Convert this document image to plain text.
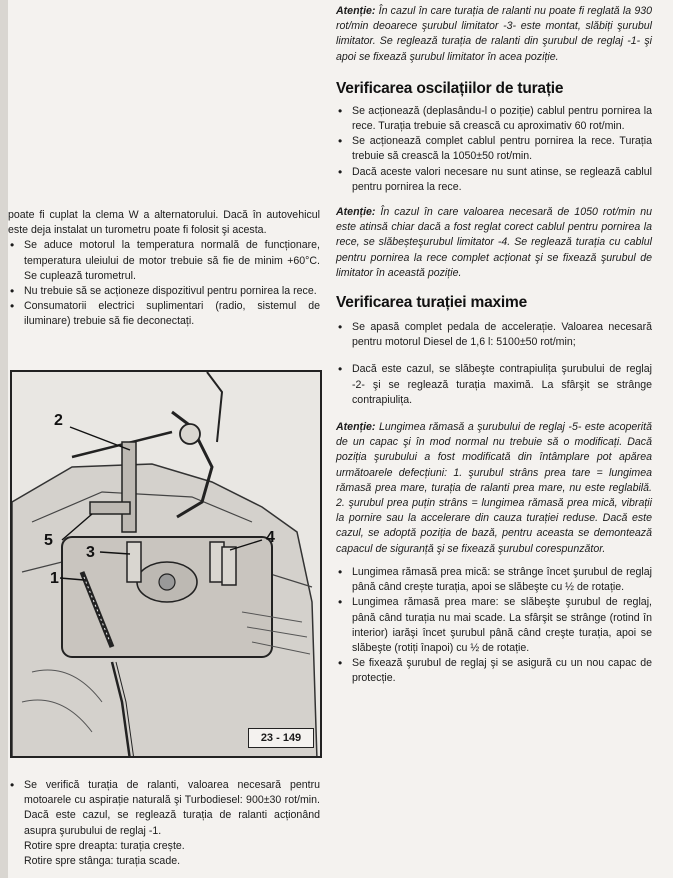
Atenție: În cazul în care turația de ralanti nu poate fi reglată la 930 rot/min deoarece şurubul limitator -3- este montat, slăbiți şurubul limitator. Se reglează turația de ralanti din şurubul de reglaj -1- şi apoi se fixează şurubul limitator în acea poziție.

Verificarea oscilațiilor de turație
• Se acționează (deplasându-l o poziție) cablul pentru pornirea la rece. Turația trebuie să crească cu aproximativ 60 rot/min.
• Se acționează complet cablul pentru pornirea la rece. Turația trebuie să crească la 1050±50 rot/min.
• Dacă aceste valori necesare nu sunt atinse, se reglează cablul pentru pornirea la rece.

Atenție: În cazul în care valoarea necesară de 1050 rot/min nu este atinsă chiar dacă a fost reglat corect cablul pentru pornirea la rece, se slăbeșteşurubul limitator -4. Se reglează turația cu cablul pentru pornirea la rece complet acționat şi se fixează şurubul de limitator în această poziție.

Verificarea turației maxime
• Se apasă complet pedala de accelerație. Valoarea necesară pentru motorul Diesel de 1,6 l: 5100±50 rot/min;
• Dacă este cazul, se slăbeşte contrapiulița şurubului de reglaj -2- şi se reglează turația maximă. La sfârşit se strânge contrapiulița.

Atenție: Lungimea rămasă a şurubului de reglaj -5- este acoperită de un capac şi în mod normal nu trebuie să o modificați. Dacă poziția şurubului a fost modificată din întâmplare pot apărea următoarele defecțiuni: 1. şurubul strâns prea tare = lungimea rămasă prea mare, turația de ralanti prea mare, nu este reglabilă. 2. şurubul prea puțin strâns = lungimea rămasă prea mică, vibrații la pornire sau la accelerare din cauza turației reduse. Dacă este cazul, se adoptă poziția de bază, pentru aceasta se demontează capacul de siguranță şi se fixează şurubul corespunzător.

• Lungimea rămasă prea mică: se strânge încet şurubul de reglaj până când crește turația, apoi se slăbeşte cu ½ de rotație.
• Lungimea rămasă prea mare: se slăbeşte şurubul de reglaj, până când turația nu mai scade. La sfârşit se strânge (rotind în interior) iarăşi încet şurubul până când creşte turația, apoi se slăbeşte (rotiți înapoi) cu ½ de rotație.
• Se fixează şurubul de reglaj şi se asigură cu un nou capac de protecție.

poate fi cuplat la clema W a alternatorului. Dacă în autovehicul este deja instalat un turometru poate fi folosit şi acesta.

• Se aduce motorul la temperatura normală de funcționare, temperatura uleiului de motor trebuie să fie de minim +60°C. Se cuplează turometrul.
• Nu trebuie să se acționeze dispozitivul pentru pornirea la rece.
• Consumatorii electrici suplimentari (radio, sistemul de iluminare) trebuie să fie deconectați.
2
5
3
4
1
23 - 149
• Se verifică turația de ralanti, valoarea necesară pentru motoarele cu aspirație naturală şi Turbodiesel: 900±30 rot/min. Dacă este cazul, se reglează turația de ralanti acționând asupra şurubului de reglaj -1.

Rotire spre dreapta: turația crește.

Rotire spre stânga: turația scade.
